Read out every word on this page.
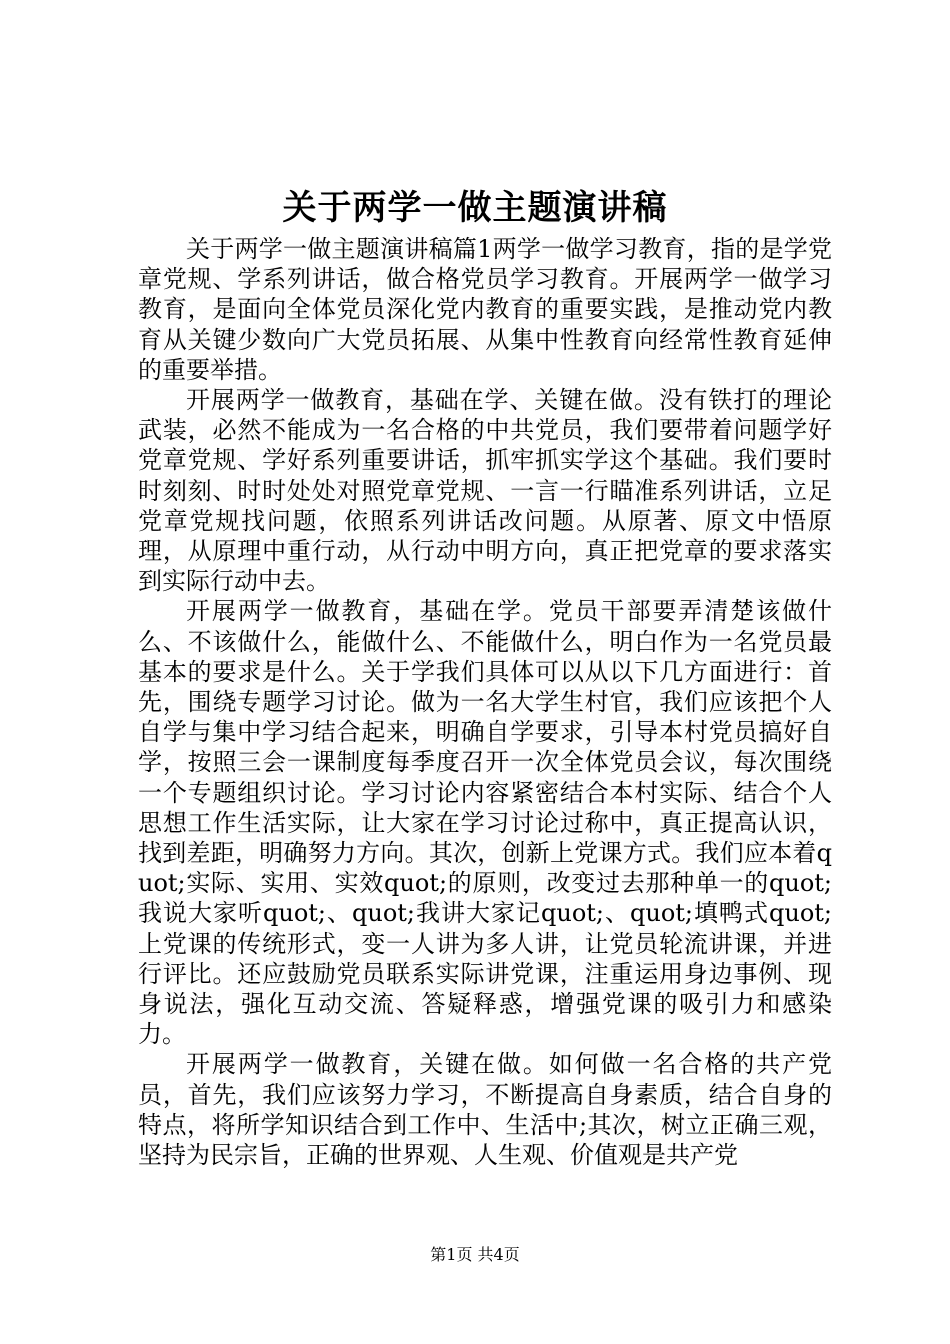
关于两学一做主题演讲稿

关于两学一做主题演讲稿篇1两学一做学习教育，指的是学党章党规、学系列讲话，做合格党员学习教育。开展两学一做学习教育，是面向全体党员深化党内教育的重要实践，是推动党内教育从关键少数向广大党员拓展、从集中性教育向经常性教育延伸的重要举措。

开展两学一做教育，基础在学、关键在做。没有铁打的理论武装，必然不能成为一名合格的中共党员，我们要带着问题学好党章党规、学好系列重要讲话，抓牢抓实学这个基础。我们要时时刻刻、时时处处对照党章党规、一言一行瞄准系列讲话，立足党章党规找问题，依照系列讲话改问题。从原著、原文中悟原理，从原理中重行动，从行动中明方向，真正把党章的要求落实到实际行动中去。

开展两学一做教育，基础在学。党员干部要弄清楚该做什么、不该做什么，能做什么、不能做什么，明白作为一名党员最基本的要求是什么。关于学我们具体可以从以下几方面进行：首先，围绕专题学习讨论。做为一名大学生村官，我们应该把个人自学与集中学习结合起来，明确自学要求，引导本村党员搞好自学，按照三会一课制度每季度召开一次全体党员会议，每次围绕一个专题组织讨论。学习讨论内容紧密结合本村实际、结合个人思想工作生活实际，让大家在学习讨论过称中，真正提高认识，找到差距，明确努力方向。其次，创新上党课方式。我们应本着quot;实际、实用、实效quot;的原则，改变过去那种单一的quot;我说大家听quot;、quot;我讲大家记quot;、quot;填鸭式quot;上党课的传统形式，变一人讲为多人讲，让党员轮流讲课，并进行评比。还应鼓励党员联系实际讲党课，注重运用身边事例、现身说法，强化互动交流、答疑释惑，增强党课的吸引力和感染力。

开展两学一做教育，关键在做。如何做一名合格的共产党员，首先，我们应该努力学习，不断提高自身素质，结合自身的特点，将所学知识结合到工作中、生活中;其次，树立正确三观，坚持为民宗旨，正确的世界观、人生观、价值观是共产党

第1页 共4页
